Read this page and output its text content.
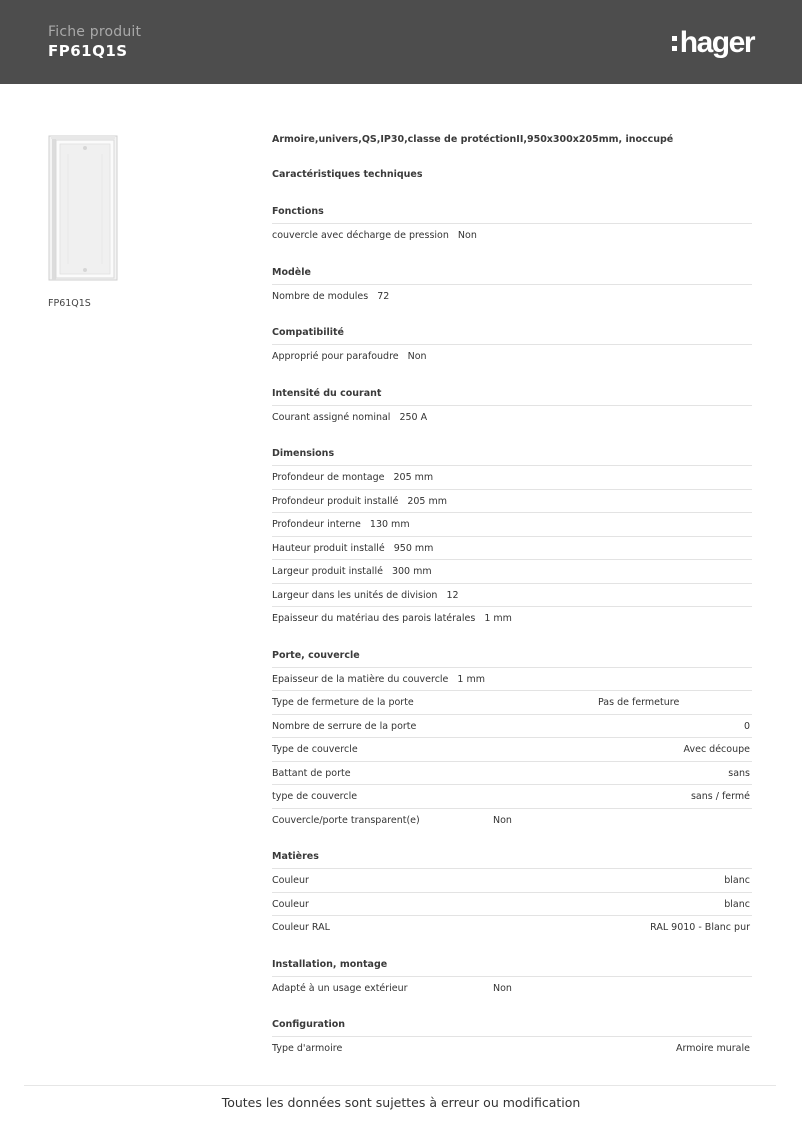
Fiche produit
FP61Q1S	hager
FP61Q1S
Armoire,univers,QS,IP30,classe de protéctionII,950x300x205mm, inoccupé
Caractéristiques techniques
Fonctions
couvercle avec décharge de pression Non
Modèle
Nombre de modules 72
Compatibilité
Approprié pour parafoudre Non
Intensité du courant
Courant assigné nominal 250 A
Dimensions
Profondeur de montage 205 mm
Profondeur produit installé 205 mm
Profondeur interne 130 mm
Hauteur produit installé 950 mm
Largeur produit installé 300 mm
Largeur dans les unités de division 12
Epaisseur du matériau des parois latérales 1 mm
Porte, couvercle
Epaisseur de la matière du couvercle 1 mm
Type de fermeture de la porte	Pas de fermeture
Nombre de serrure de la porte	0
Type de couvercle	Avec découpe
Battant de porte	sans
type de couvercle	sans / fermé
Couvercle/porte transparent(e)	Non
Matières
Couleur	blanc
Couleur	blanc
Couleur RAL	RAL 9010 - Blanc pur
Installation, montage
Adapté à un usage extérieur	Non
Configuration
Type d'armoire	Armoire murale
Toutes les données sont sujettes à erreur ou modification
